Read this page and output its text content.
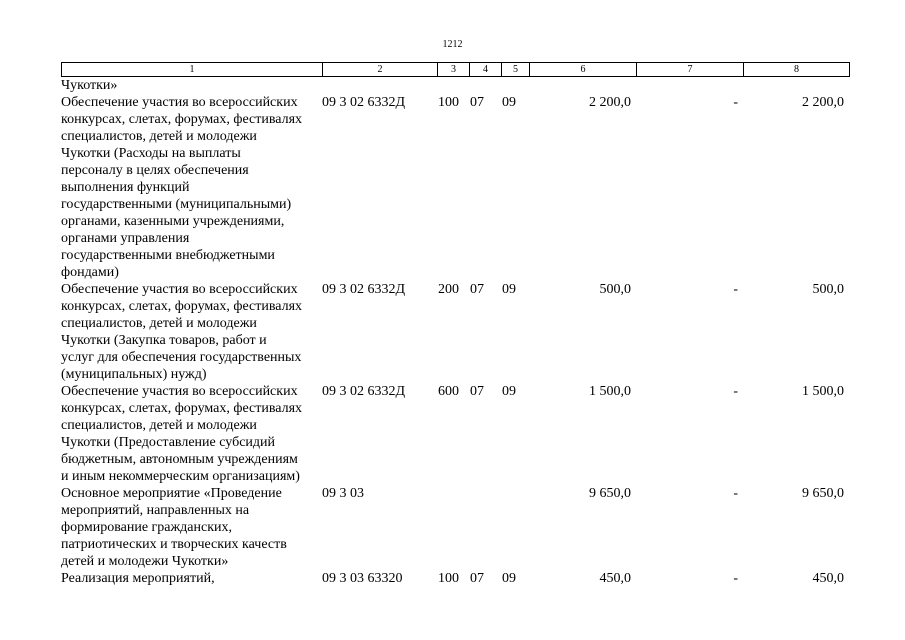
1212
1	2	3	4	5	6	7	8
Чукотки»
Обеспечение участия во всероссийских
конкурсах, слетах, форумах, фестивалях
специалистов, детей и молодежи
Чукотки (Расходы на выплаты
персоналу в целях обеспечения
выполнения функций
государственными (муниципальными)
органами, казенными учреждениями,
органами управления
государственными внебюджетными
фондами)
09 3 02 6332Д 100 07 09	2 200,0	-	2 200,0
Обеспечение участия во всероссийских
конкурсах, слетах, форумах, фестивалях
специалистов, детей и молодежи
Чукотки (Закупка товаров, работ и
услуг для обеспечения государственных
(муниципальных) нужд)
09 3 02 6332Д 200 07 09	500,0	-	500,0
Обеспечение участия во всероссийских
конкурсах, слетах, форумах, фестивалях
специалистов, детей и молодежи
Чукотки (Предоставление субсидий
бюджетным, автономным учреждениям
и иным некоммерческим организациям)
09 3 02 6332Д 600 07 09	1 500,0	-	1 500,0
Основное мероприятие «Проведение
мероприятий, направленных на
формирование гражданских,
патриотических и творческих качеств
детей и молодежи Чукотки»
09 3 03	9 650,0	-	9 650,0
Реализация мероприятий,	09 3 03 63320	100 07 09	450,0	-	450,0
